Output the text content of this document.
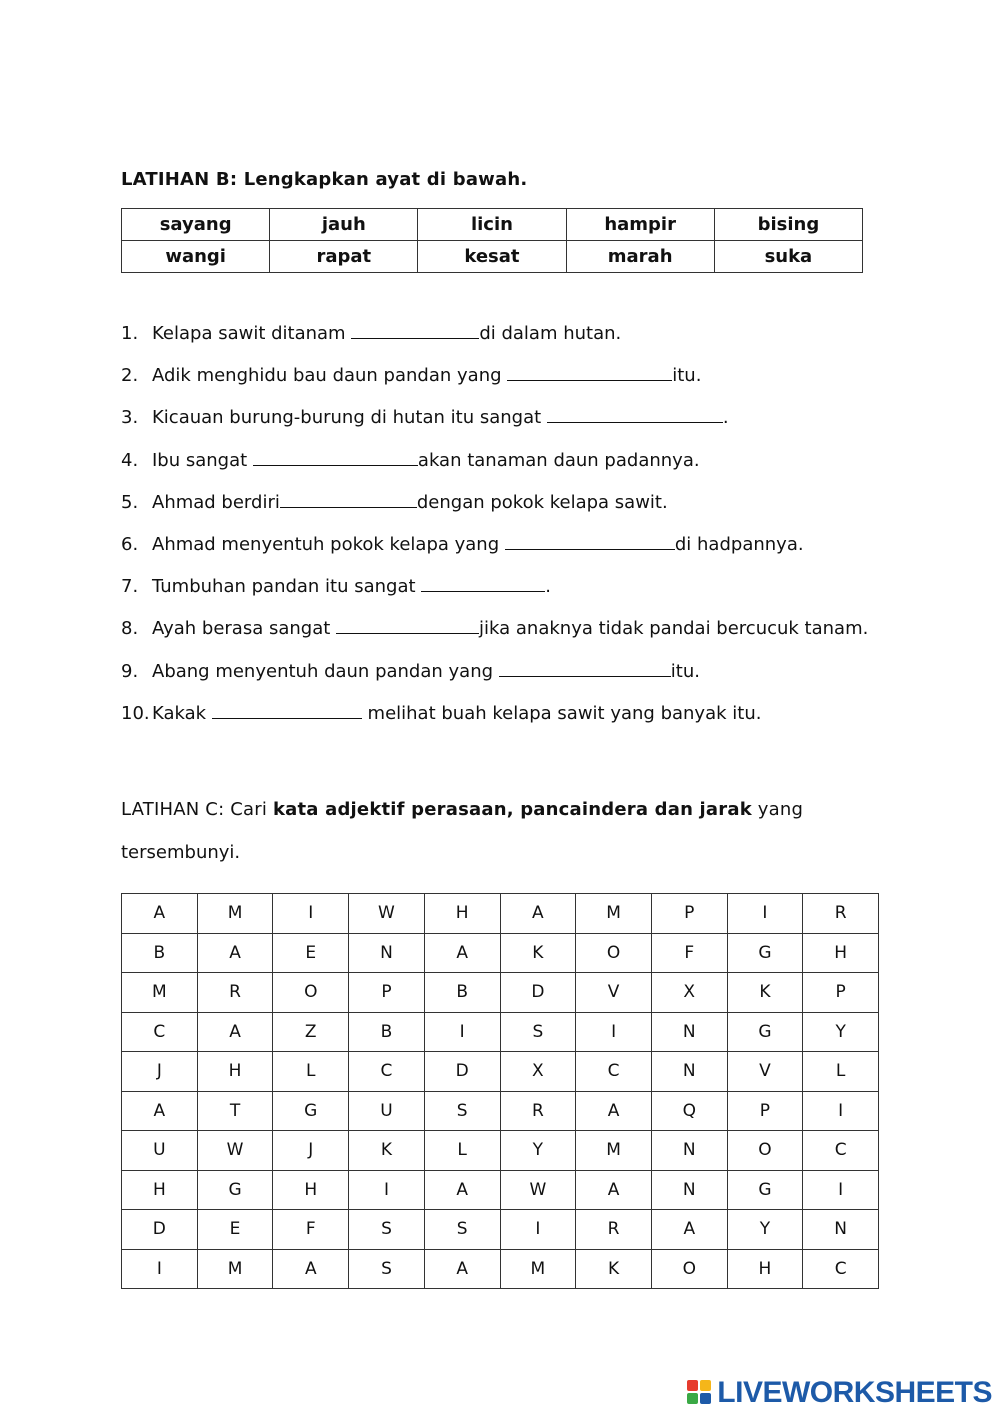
LATIHAN B: Lengkapkan ayat di bawah.
sayang	jauh	licin	hampir	bising
wangi	rapat	kesat	marah	suka
1. Kelapa sawit ditanam	di dalam hutan.
2. Adik menghidu bau daun pandan yang	itu.
3. Kicauan burung-burung di hutan itu sangat	.
4. Ibu sangat	akan tanaman daun padannya.
5. Ahmad berdiri	dengan pokok kelapa sawit.
6. Ahmad menyentuh pokok kelapa yang	di hadpannya.
7. Tumbuhan pandan itu sangat	.
8. Ayah berasa sangat	jika anaknya tidak pandai bercucuk tanam.
9. Abang menyentuh daun pandan yang	itu.
10. Kakak	melihat buah kelapa sawit yang banyak itu.
LATIHAN C: Cari kata adjektif perasaan, pancaindera dan jarak yang
tersembunyi.
A	M	I	W	H	A	M	P	I	R
B	A	E	N	A	K	O	F	G	H
M	R	O	P	B	D	V	X	K	P
C	A	Z	B	I	S	I	N	G	Y
J	H	L	C	D	X	C	N	V	L
A	T	G	U	S	R	A	Q	P	I
U	W	J	K	L	Y	M	N	O	C
H	G	H	I	A	W	A	N	G	I
D	E	F	S	S	I	R	A	Y	N
I	M	A	S	A	M	K	O	H	C
LIVEWORKSHEETS
